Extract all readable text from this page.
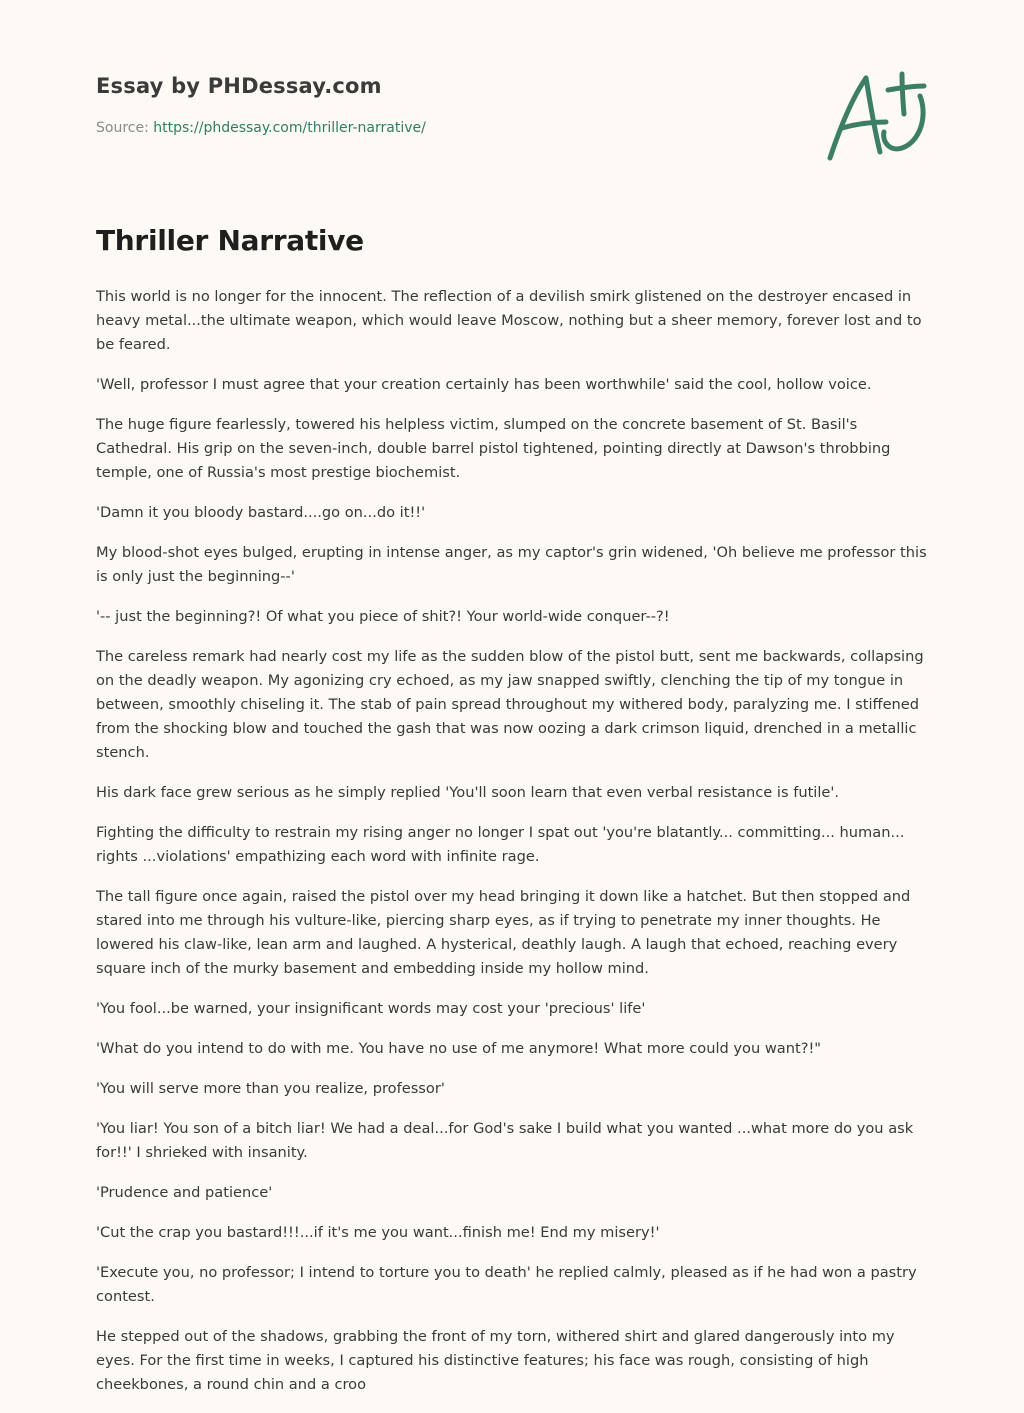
Essay by PHDessay.com
Source: https://phdessay.com/thriller-narrative/
Thriller Narrative

This world is no longer for the innocent. The reflection of a devilish smirk glistened on the destroyer encased in heavy metal...the ultimate weapon, which would leave Moscow, nothing but a sheer memory, forever lost and to be feared.

'Well, professor I must agree that your creation certainly has been worthwhile' said the cool, hollow voice.

The huge figure fearlessly, towered his helpless victim, slumped on the concrete basement of St. Basil's Cathedral. His grip on the seven-inch, double barrel pistol tightened, pointing directly at Dawson's throbbing temple, one of Russia's most prestige biochemist.

'Damn it you bloody bastard....go on...do it!!'

My blood-shot eyes bulged, erupting in intense anger, as my captor's grin widened, 'Oh believe me professor this is only just the beginning--'

'-- just the beginning?! Of what you piece of shit?! Your world-wide conquer--?!

The careless remark had nearly cost my life as the sudden blow of the pistol butt, sent me backwards, collapsing on the deadly weapon. My agonizing cry echoed, as my jaw snapped swiftly, clenching the tip of my tongue in between, smoothly chiseling it. The stab of pain spread throughout my withered body, paralyzing me. I stiffened from the shocking blow and touched the gash that was now oozing a dark crimson liquid, drenched in a metallic stench.

His dark face grew serious as he simply replied 'You'll soon learn that even verbal resistance is futile'.

Fighting the difficulty to restrain my rising anger no longer I spat out 'you're blatantly... committing... human... rights ...violations' empathizing each word with infinite rage.

The tall figure once again, raised the pistol over my head bringing it down like a hatchet. But then stopped and stared into me through his vulture-like, piercing sharp eyes, as if trying to penetrate my inner thoughts. He lowered his claw-like, lean arm and laughed. A hysterical, deathly laugh. A laugh that echoed, reaching every square inch of the murky basement and embedding inside my hollow mind.

'You fool...be warned, your insignificant words may cost your 'precious' life'

'What do you intend to do with me. You have no use of me anymore! What more could you want?!"

'You will serve more than you realize, professor'

'You liar! You son of a bitch liar! We had a deal...for God's sake I build what you wanted ...what more do you ask for!!' I shrieked with insanity.

'Prudence and patience'

'Cut the crap you bastard!!!...if it's me you want...finish me! End my misery!'

'Execute you, no professor; I intend to torture you to death' he replied calmly, pleased as if he had won a pastry contest.

He stepped out of the shadows, grabbing the front of my torn, withered shirt and glared dangerously into my eyes. For the first time in weeks, I captured his distinctive features; his face was rough, consisting of high cheekbones, a round chin and a croo
